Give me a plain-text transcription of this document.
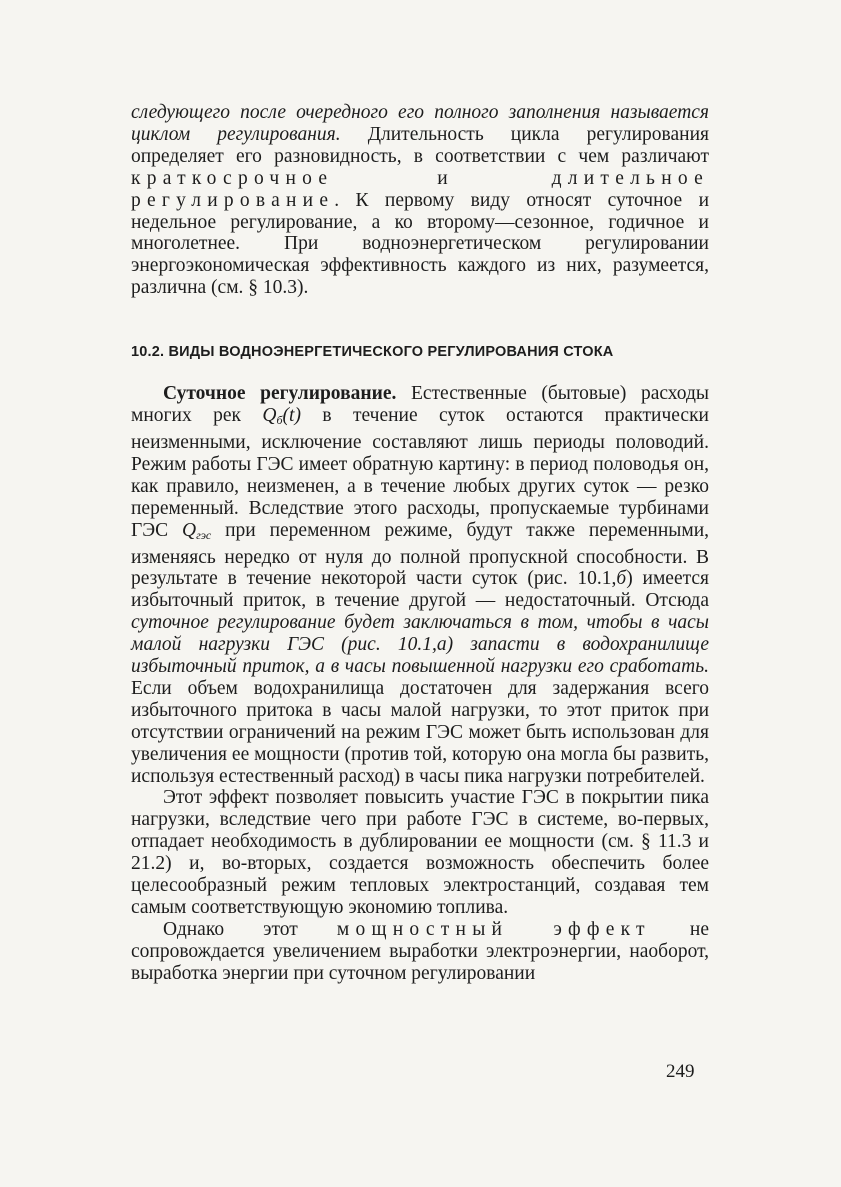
следующего после очередного его полного заполнения называется циклом регулирования. Длительность цикла регулирования определяет его разновидность, в соответствии с чем различают краткосрочное и длительное регулирование. К первому виду относят суточное и недельное регулирование, а ко второму—сезонное, годичное и многолетнее. При водноэнергетическом регулировании энергоэкономическая эффективность каждого из них, разумеется, различна (см. § 10.3).

10.2. ВИДЫ ВОДНОЭНЕРГЕТИЧЕСКОГО РЕГУЛИРОВАНИЯ СТОКА

Суточное регулирование. Естественные (бытовые) расходы многих рек $Q_б(t)$ в течение суток остаются практически неизменными, исключение составляют лишь периоды половодий. Режим работы ГЭС имеет обратную картину: в период половодья он, как правило, неизменен, а в течение любых других суток — резко переменный. Вследствие этого расходы, пропускаемые турбинами ГЭС $Q_{гэс}$ при переменном режиме, будут также переменными, изменяясь нередко от нуля до полной пропускной способности. В результате в течение некоторой части суток (рис. 10.1,б) имеется избыточный приток, в течение другой — недостаточный. Отсюда суточное регулирование будет заключаться в том, чтобы в часы малой нагрузки ГЭС (рис. 10.1,а) запасти в водохранилище избыточный приток, а в часы повышенной нагрузки его сработать. Если объем водохранилища достаточен для задержания всего избыточного притока в часы малой нагрузки, то этот приток при отсутствии ограничений на режим ГЭС может быть использован для увеличения ее мощности (против той, которую она могла бы развить, используя естественный расход) в часы пика нагрузки потребителей.

Этот эффект позволяет повысить участие ГЭС в покрытии пика нагрузки, вследствие чего при работе ГЭС в системе, во-первых, отпадает необходимость в дублировании ее мощности (см. § 11.3 и 21.2) и, во-вторых, создается возможность обеспечить более целесообразный режим тепловых электростанций, создавая тем самым соответствующую экономию топлива.

Однако этот мощностный эффект не сопровождается увеличением выработки электроэнергии, наоборот, выработка энергии при суточном регулировании

249
